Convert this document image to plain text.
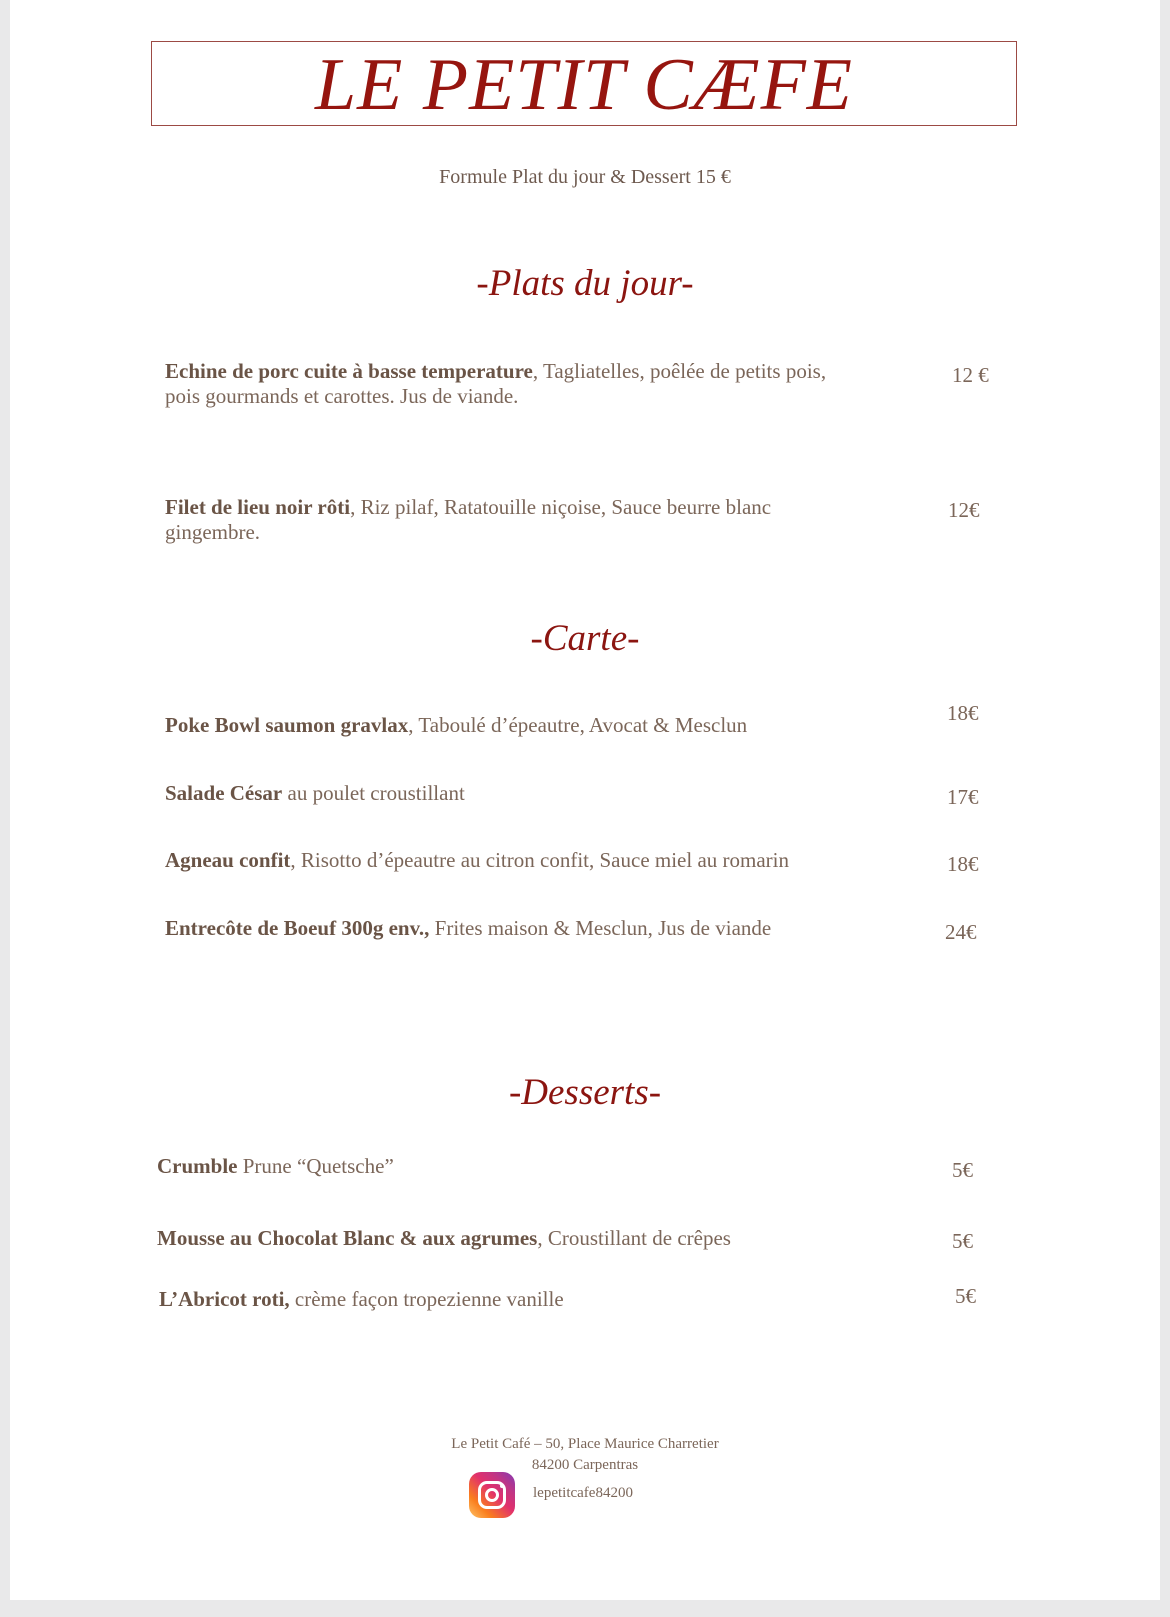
LE PETIT CÆFE
Formule Plat du jour & Dessert 15 €
-Plats du jour-
Echine de porc cuite à basse temperature, Tagliatelles, poêlée de petits pois, pois gourmands et carottes. Jus de viande.
12 €
Filet de lieu noir rôti, Riz pilaf, Ratatouille niçoise, Sauce beurre blanc gingembre.
12€
-Carte-
Poke Bowl saumon gravlax, Taboulé d’épeautre, Avocat & Mesclun	18€
Salade César au poulet croustillant	17€
Agneau confit, Risotto d’épeautre au citron confit, Sauce miel au romarin	18€
Entrecôte de Boeuf 300g env., Frites maison & Mesclun, Jus de viande	24€
-Desserts-
Crumble Prune “Quetsche”	5€
Mousse au Chocolat Blanc & aux agrumes, Croustillant de crêpes	5€
L’Abricot roti, crème façon tropezienne vanille	5€
Le Petit Café – 50, Place Maurice Charretier
84200 Carpentras
lepetitcafe84200
